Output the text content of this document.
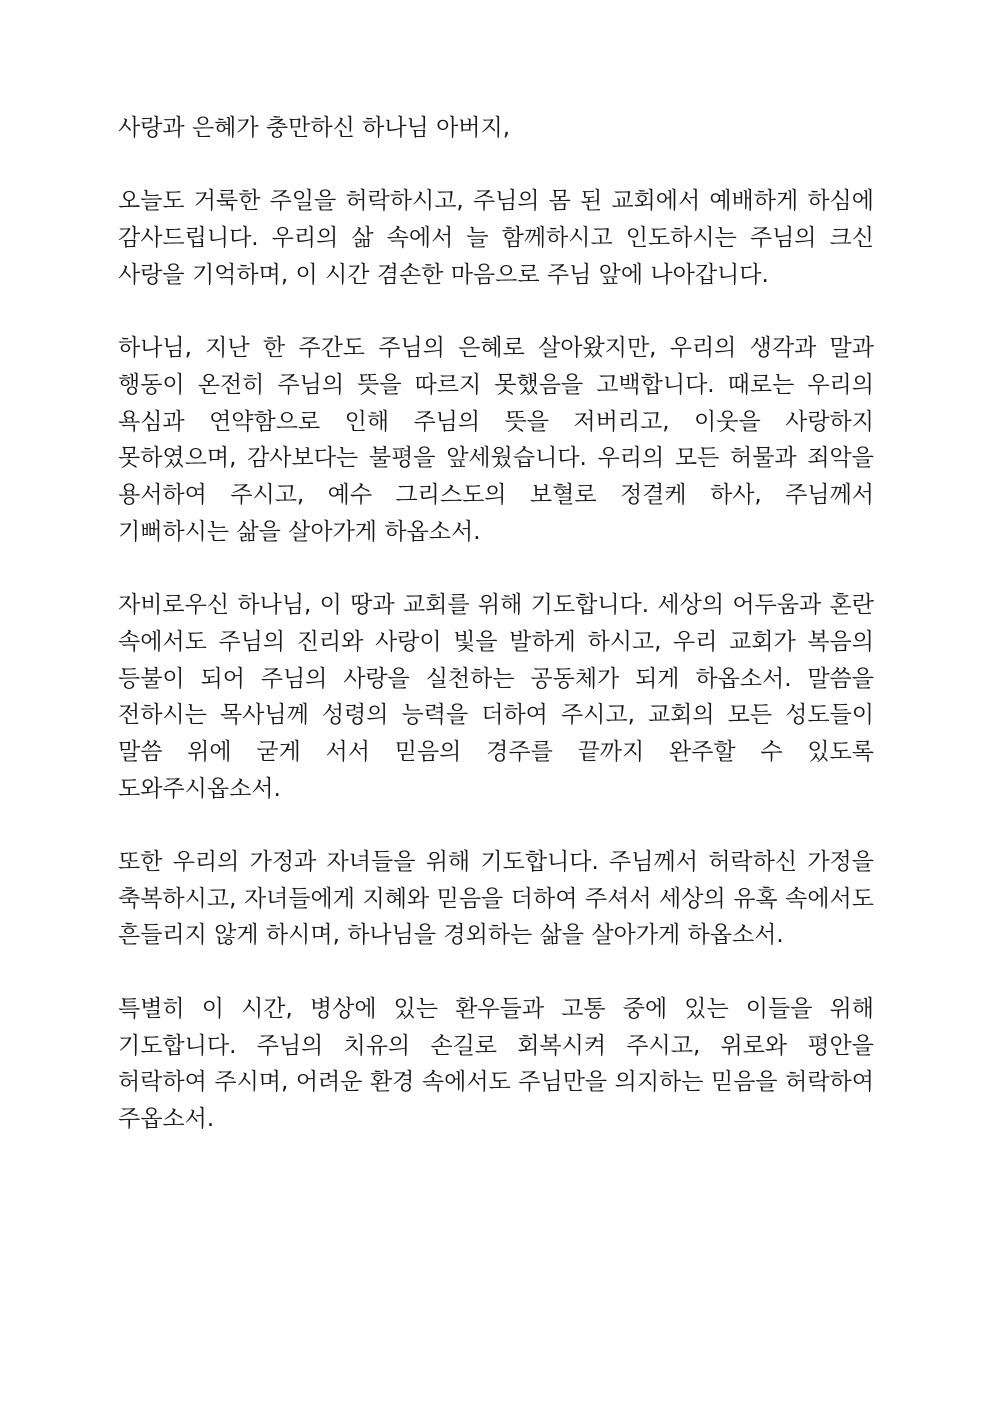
사랑과 은혜가 충만하신 하나님 아버지,

오늘도 거룩한 주일을 허락하시고, 주님의 몸 된 교회에서 예배하게 하심에 감사드립니다. 우리의 삶 속에서 늘 함께하시고 인도하시는 주님의 크신 사랑을 기억하며, 이 시간 겸손한 마음으로 주님 앞에 나아갑니다.

하나님, 지난 한 주간도 주님의 은혜로 살아왔지만, 우리의 생각과 말과 행동이 온전히 주님의 뜻을 따르지 못했음을 고백합니다. 때로는 우리의 욕심과 연약함으로 인해 주님의 뜻을 저버리고, 이웃을 사랑하지 못하였으며, 감사보다는 불평을 앞세웠습니다. 우리의 모든 허물과 죄악을 용서하여 주시고, 예수 그리스도의 보혈로 정결케 하사, 주님께서 기뻐하시는 삶을 살아가게 하옵소서.

자비로우신 하나님, 이 땅과 교회를 위해 기도합니다. 세상의 어두움과 혼란 속에서도 주님의 진리와 사랑이 빛을 발하게 하시고, 우리 교회가 복음의 등불이 되어 주님의 사랑을 실천하는 공동체가 되게 하옵소서. 말씀을 전하시는 목사님께 성령의 능력을 더하여 주시고, 교회의 모든 성도들이 말씀 위에 굳게 서서 믿음의 경주를 끝까지 완주할 수 있도록 도와주시옵소서.

또한 우리의 가정과 자녀들을 위해 기도합니다. 주님께서 허락하신 가정을 축복하시고, 자녀들에게 지혜와 믿음을 더하여 주셔서 세상의 유혹 속에서도 흔들리지 않게 하시며, 하나님을 경외하는 삶을 살아가게 하옵소서.

특별히 이 시간, 병상에 있는 환우들과 고통 중에 있는 이들을 위해 기도합니다. 주님의 치유의 손길로 회복시켜 주시고, 위로와 평안을 허락하여 주시며, 어려운 환경 속에서도 주님만을 의지하는 믿음을 허락하여 주옵소서.
